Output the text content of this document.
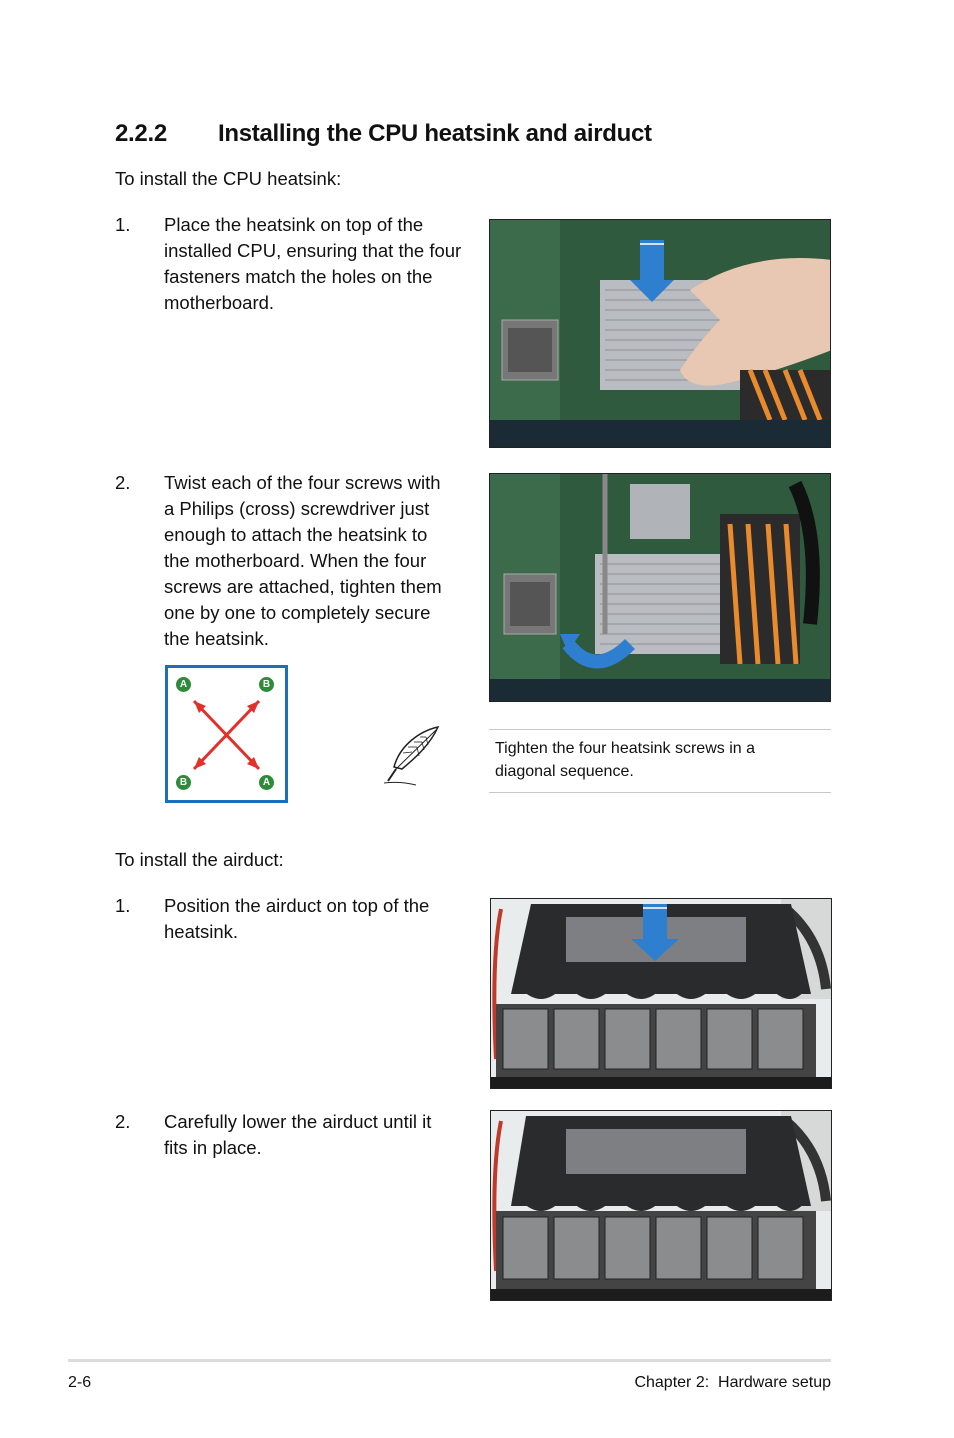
2.2.2 Installing the CPU heatsink and airduct
To install the CPU heatsink:
1. Place the heatsink on top of the
installed CPU, ensuring that the four
fasteners match the holes on the
motherboard.
2. Twist each of the four screws with
a Philips (cross) screwdriver just
enough to attach the heatsink to
the motherboard. When the four
screws are attached, tighten them
one by one to completely secure
the heatsink.
A	B
B	A
Tighten the four heatsink screws in a
diagonal sequence.
To install the airduct:
1. Position the airduct on top of the
heatsink.
2. Carefully lower the airduct until it
fits in place.
2-6	Chapter 2:  Hardware setup
